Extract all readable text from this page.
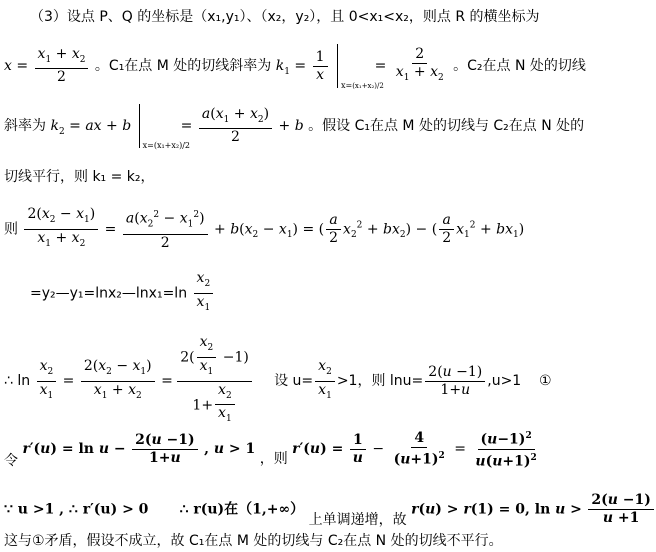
（3）设点 P、Q 的坐标是（x₁,y₁）、（x₂，y₂），且 0<x₁<x₂，则点 R 的横坐标为
$x = \frac{x_1 + x_2}{2}$ 。C₁在点 M 处的切线斜率为 $k_1 = \frac{1}{x}$

x=(x₁+x₂)/2
= $\frac{2}{x_1 + x_2}$ 。C₂在点 N 处的切线
斜率为 $k_2$ = ax + b
x=(x₁+x₂)/2
= $\frac{a(x_1 + x_2)}{2} + b$ 。假设 C₁在点 M 处的切线与 C₂在点 N 处的
切线平行，则 k₁ = k₂，
则 $\frac{2(x_2 - x_1)}{x_1 + x_2} = \frac{a(x_2^2 - x_1^2)}{2} + b(x_2 - x_1)$ = ( $\frac{a}{2} x_2^2 + bx_2$) − ( $\frac{a}{2} x_1^2 + bx_1$)
=y₂—y₁=lnx₂—lnx₁=ln $\frac{x_2}{x_1}$
∴ $\ln \frac{x_2}{x_1} = \frac{2(x_2 - x_1)}{x_1 + x_2} = \frac{2( \frac{x_2}{x_1} -1)}{1+ \frac{x_2}{x_1}}$ 设 $u= \frac{x_2}{x_1} >1$，则 $\ln u= \frac{2(u -1)}{1+u} ,u>1$ ①
令 $r'(u) = \ln u - \frac{2(u -1)}{1+u}$ , u > 1 ，则 $r'(u) = \frac{1}{u} - \frac{4}{(u+1)^2} = \frac{(u-1)^2}{u(u+1)^2}$
∵ u >1 , ∴ r′(u) > 0 ∴ r(u)在（1,+∞） 上单调递增，故 r(u) > r(1) = 0, $\ln u > \frac{2(u -1)}{u +1}$
这与①矛盾，假设不成立，故 C₁在点 M 处的切线与 C₂在点 N 处的切线不平行。
